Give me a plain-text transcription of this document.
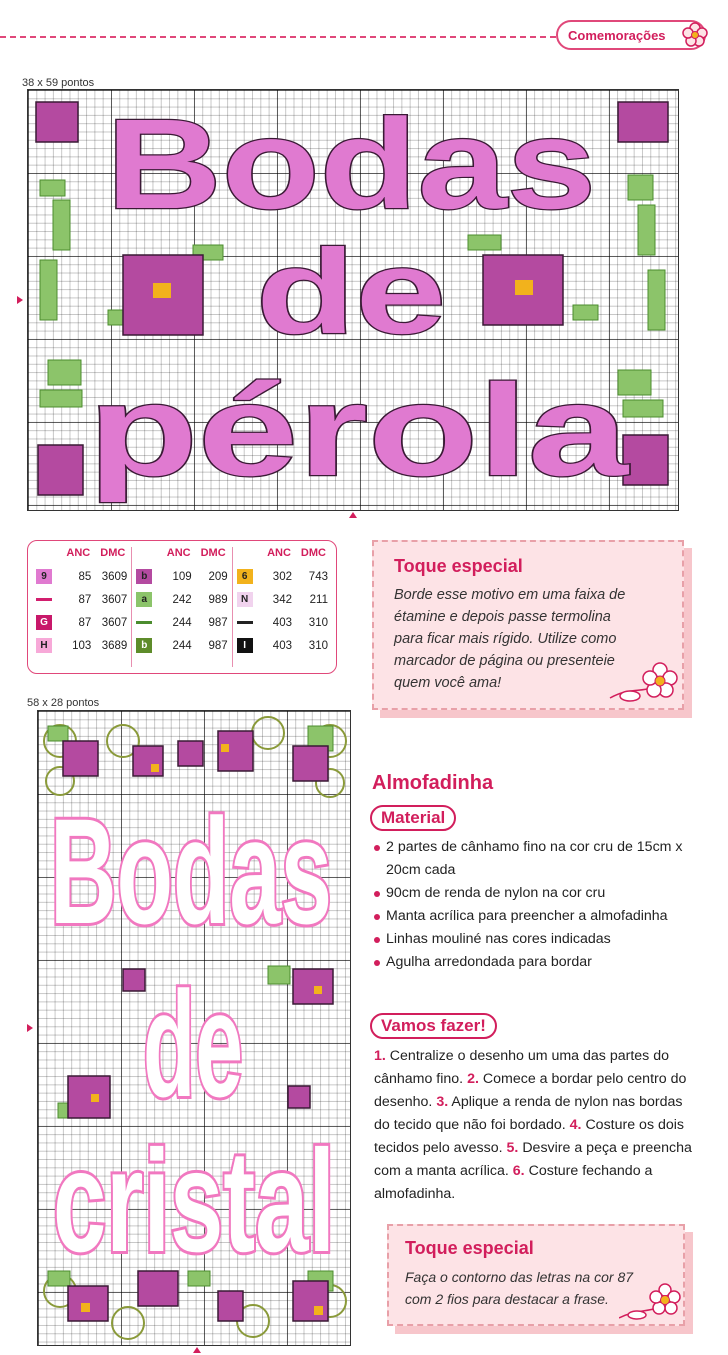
Comemorações
38 x 59 pontos
Bodas
de
pérola
ANC DMC
9	85 3609
87 3607
G	87 3607
H	103 3689
ANC DMC
b	109	209
a	242	989
244	987
b	244	987
ANC DMC
6	302	743
N	342	211
403	310
I	403	310
Toque especial
Borde esse motivo em uma faixa de
étamine e depois passe termolina
para ficar mais rígido. Utilize como
marcador de página ou presenteie
quem você ama!
58 x 28 pontos
Bodas
de
cristal
Almofadinha
Material
2 partes de cânhamo fino na cor cru de 15cm x 20cm cada
90cm de renda de nylon na cor cru
Manta acrílica para preencher a almofadinha
Linhas mouliné nas cores indicadas
Agulha arredondada para bordar
Vamos fazer!
1. Centralize o desenho um uma das partes do cânhamo fino. 2. Comece a bordar pelo centro do desenho. 3. Aplique a renda de nylon nas bordas do tecido que não foi bordado. 4. Costure os dois tecidos pelo avesso. 5. Desvire a peça e preencha com a manta acrílica. 6. Costure fechando a almofadinha.
Toque especial
Faça o contorno das letras na cor 87
com 2 fios para destacar a frase.
